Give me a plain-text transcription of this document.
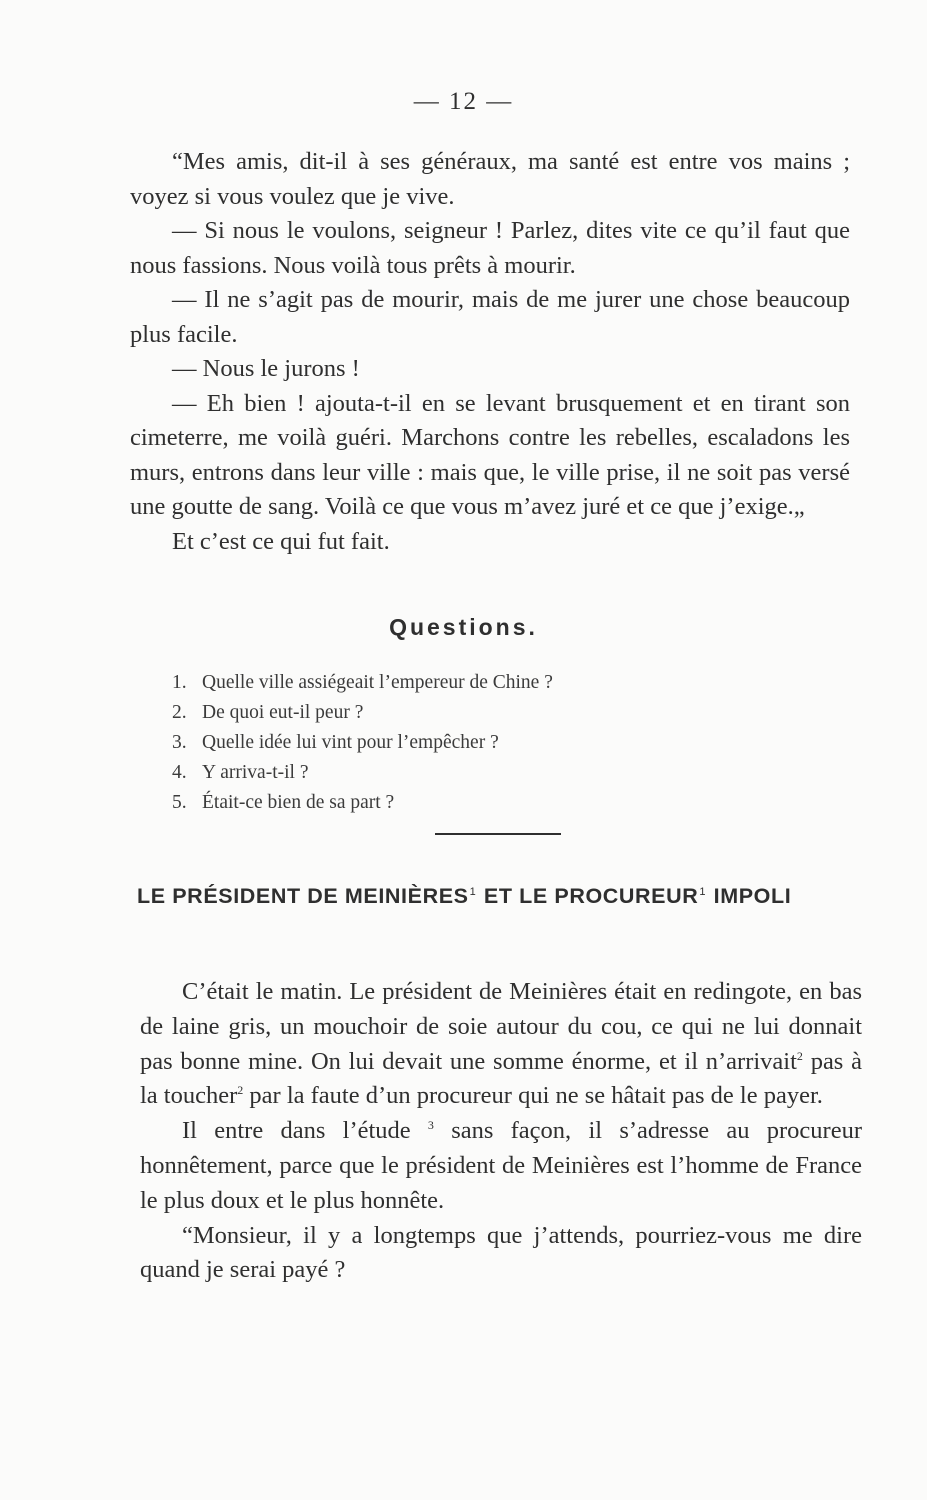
— 12 —

“Mes amis, dit-il à ses généraux, ma santé est entre vos mains ; voyez si vous voulez que je vive.

— Si nous le voulons, seigneur ! Parlez, dites vite ce qu’il faut que nous fassions. Nous voilà tous prêts à mourir.

— Il ne s’agit pas de mourir, mais de me jurer une chose beaucoup plus facile.

— Nous le jurons !

— Eh bien ! ajouta-t-il en se levant brusquement et en tirant son cimeterre, me voilà guéri. Marchons contre les rebelles, escaladons les murs, entrons dans leur ville : mais que, le ville prise, il ne soit pas versé une goutte de sang. Voilà ce que vous m’avez juré et ce que j’exige.„

Et c’est ce qui fut fait.

Questions.
1. Quelle ville assiégeait l’empereur de Chine ?
2. De quoi eut-il peur ?
3. Quelle idée lui vint pour l’empêcher ?
4. Y arriva-t-il ?
5. Était-ce bien de sa part ?
LE PRÉSIDENT DE MEINIÈRES$^1$ ET LE PROCUREUR$^1$ IMPOLI

C’était le matin. Le président de Meinières était en redingote, en bas de laine gris, un mouchoir de soie autour du cou, ce qui ne lui donnait pas bonne mine. On lui devait une somme énorme, et il n’arrivait$^2$ pas à la toucher$^2$ par la faute d’un procureur qui ne se hâtait pas de le payer.

Il entre dans l’étude $^3$ sans façon, il s’adresse au procureur honnêtement, parce que le président de Meinières est l’homme de France le plus doux et le plus honnête.

“Monsieur, il y a longtemps que j’attends, pourriez-vous me dire quand je serai payé ?
